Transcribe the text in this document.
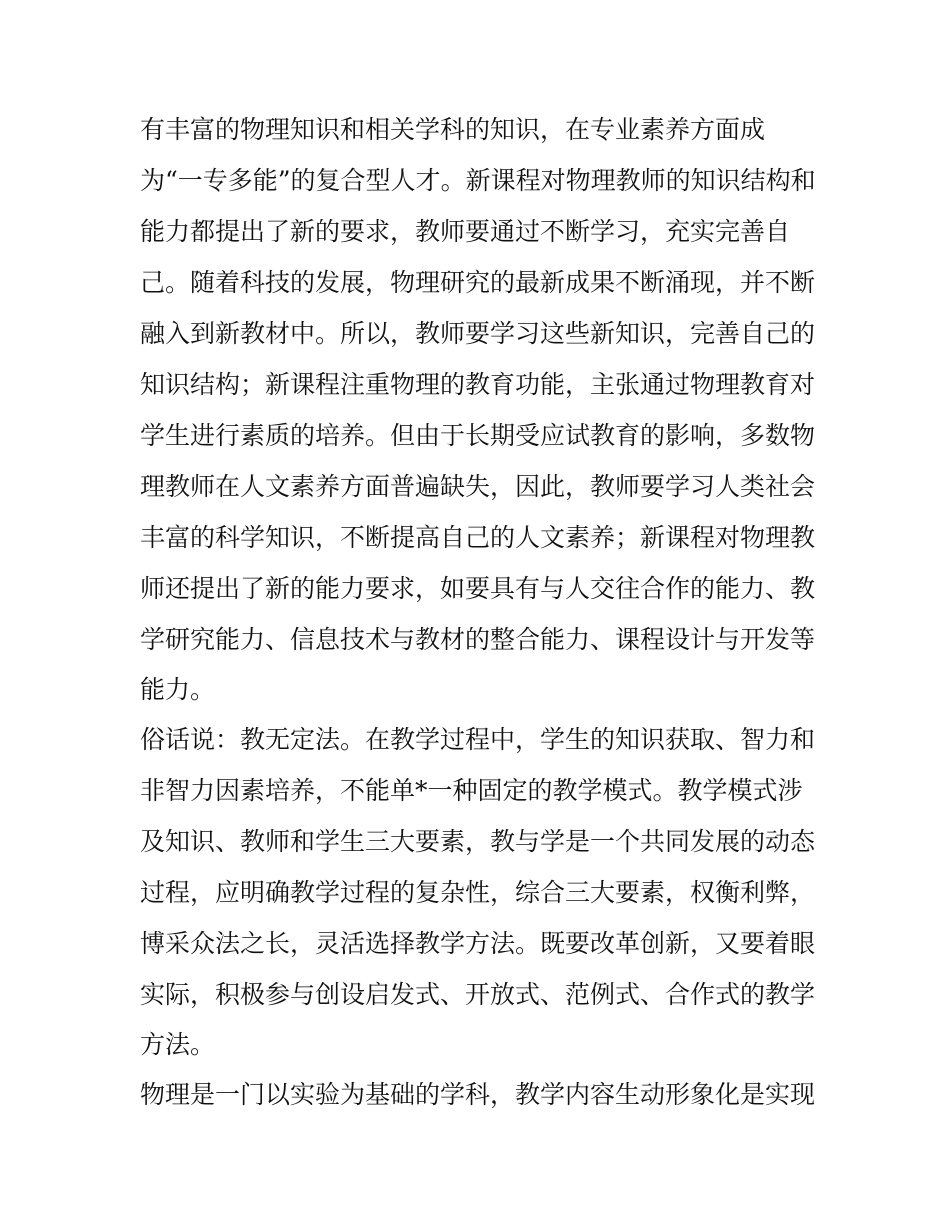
有丰富的物理知识和相关学科的知识，在专业素养方面成

为“一专多能”的复合型人才。新课程对物理教师的知识结构和

能力都提出了新的要求，教师要通过不断学习，充实完善自

己。随着科技的发展，物理研究的最新成果不断涌现，并不断

融入到新教材中。所以，教师要学习这些新知识，完善自己的

知识结构；新课程注重物理的教育功能，主张通过物理教育对

学生进行素质的培养。但由于长期受应试教育的影响，多数物

理教师在人文素养方面普遍缺失，因此，教师要学习人类社会

丰富的科学知识，不断提高自己的人文素养；新课程对物理教

师还提出了新的能力要求，如要具有与人交往合作的能力、教

学研究能力、信息技术与教材的整合能力、课程设计与开发等

能力。

俗话说：教无定法。在教学过程中，学生的知识获取、智力和

非智力因素培养，不能单*一种固定的教学模式。教学模式涉

及知识、教师和学生三大要素，教与学是一个共同发展的动态

过程，应明确教学过程的复杂性，综合三大要素，权衡利弊，

博采众法之长，灵活选择教学方法。既要改革创新，又要着眼

实际，积极参与创设启发式、开放式、范例式、合作式的教学

方法。

物理是一门以实验为基础的学科，教学内容生动形象化是实现
